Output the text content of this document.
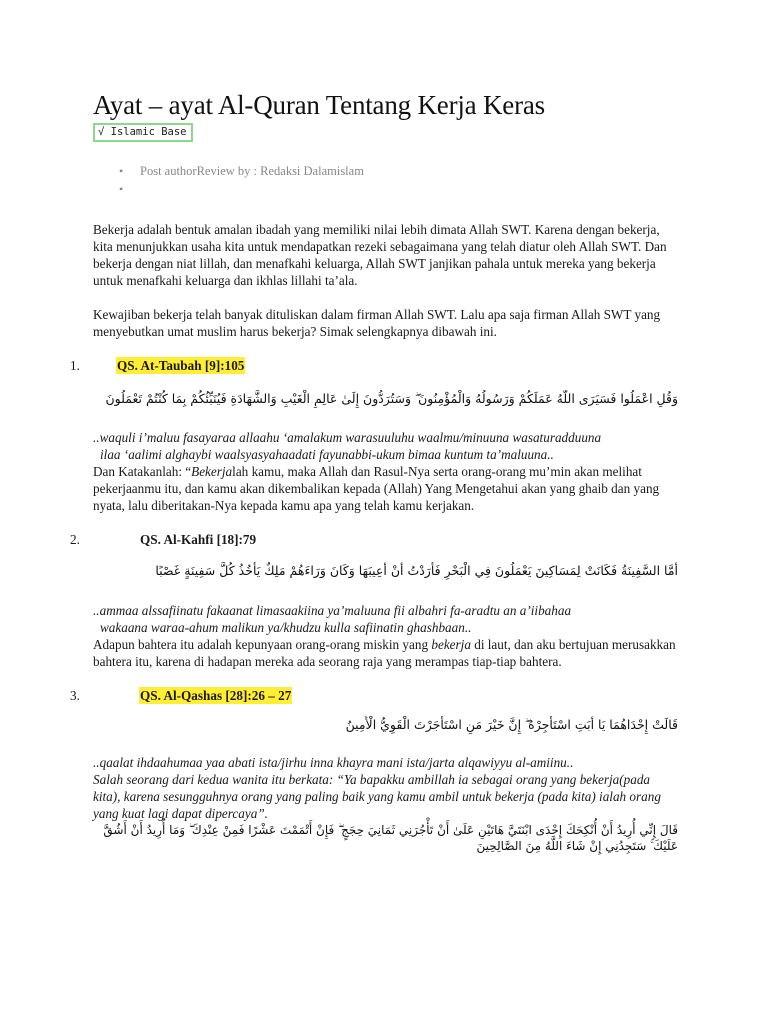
Ayat – ayat Al-Quran Tentang Kerja Keras
√ Islamic Base
• Post authorReview by : Redaksi Dalamislam
•

Bekerja adalah bentuk amalan ibadah yang memiliki nilai lebih dimata Allah SWT. Karena dengan bekerja, kita menunjukkan usaha kita untuk mendapatkan rezeki sebagaimana yang telah diatur oleh Allah SWT. Dan bekerja dengan niat lillah, dan menafkahi keluarga, Allah SWT janjikan pahala untuk mereka yang bekerja untuk menafkahi keluarga dan ikhlas lillahi ta’ala.

Kewajiban bekerja telah banyak dituliskan dalam firman Allah SWT. Lalu apa saja firman Allah SWT yang menyebutkan umat muslim harus bekerja? Simak selengkapnya dibawah ini.

1.	QS. At-Taubah [9]:105
وَقُلِ اعْمَلُوا فَسَيَرَى اللَّهُ عَمَلَكُمْ وَرَسُولُهُ وَالْمُؤْمِنُونَ ۖ وَسَتُرَدُّونَ إِلَىٰ عَالِمِ الْغَيْبِ وَالشَّهَادَةِ فَيُنَبِّئُكُمْ بِمَا كُنْتُمْ تَعْمَلُونَ

..waquli i’maluu fasayaraa allaahu ‘amalakum warasuuluhu waalmu/minuuna wasaturadduuna

ilaa ‘aalimi alghaybi waalsyasyahaadati fayunabbi-ukum bimaa kuntum ta’maluuna..

Dan Katakanlah: “Bekerjalah kamu, maka Allah dan Rasul-Nya serta orang-orang mu’min akan melihat pekerjaanmu itu, dan kamu akan dikembalikan kepada (Allah) Yang Mengetahui akan yang ghaib dan yang nyata, lalu diberitakan-Nya kepada kamu apa yang telah kamu kerjakan.

2.	QS. Al-Kahfi [18]:79
أَمَّا السَّفِينَةُ فَكَانَتْ لِمَسَاكِينَ يَعْمَلُونَ فِي الْبَحْرِ فَأَرَدْتُ أَنْ أَعِيبَهَا وَكَانَ وَرَاءَهُمْ مَلِكٌ يَأْخُذُ كُلَّ سَفِينَةٍ غَصْبًا

..ammaa alssafiinatu fakaanat limasaakiina ya’maluuna fii albahri fa-aradtu an a’iibahaa

wakaana waraa-ahum malikun ya/khudzu kulla safiinatin ghashbaan..

Adapun bahtera itu adalah kepunyaan orang-orang miskin yang bekerja di laut, dan aku bertujuan merusakkan bahtera itu, karena di hadapan mereka ada seorang raja yang merampas tiap-tiap bahtera.

3.	QS. Al-Qashas [28]:26 – 27
قَالَتْ إِحْدَاهُمَا يَا أَبَتِ اسْتَأْجِرْهُ ۖ إِنَّ خَيْرَ مَنِ اسْتَأْجَرْتَ الْقَوِيُّ الْأَمِينُ

..qaalat ihdaahumaa yaa abati ista/jirhu inna khayra mani ista/jarta alqawiyyu al-amiinu..

Salah seorang dari kedua wanita itu berkata: “Ya bapakku ambillah ia sebagai orang yang bekerja(pada kita), karena sesungguhnya orang yang paling baik yang kamu ambil untuk bekerja (pada kita) ialah orang yang kuat lagi dapat dipercaya”.

قَالَ إِنِّي أُرِيدُ أَنْ أُنْكِحَكَ إِحْدَى ابْنَتَيَّ هَاتَيْنِ عَلَىٰ أَنْ تَأْجُرَنِي ثَمَانِيَ حِجَجٍ ۖ فَإِنْ أَتْمَمْتَ عَشْرًا فَمِنْ عِنْدِكَ ۖ وَمَا أُرِيدُ أَنْ أَشُقَّ عَلَيْكَ ۚ سَتَجِدُنِي إِنْ شَاءَ اللَّهُ مِنَ الصَّالِحِينَ
